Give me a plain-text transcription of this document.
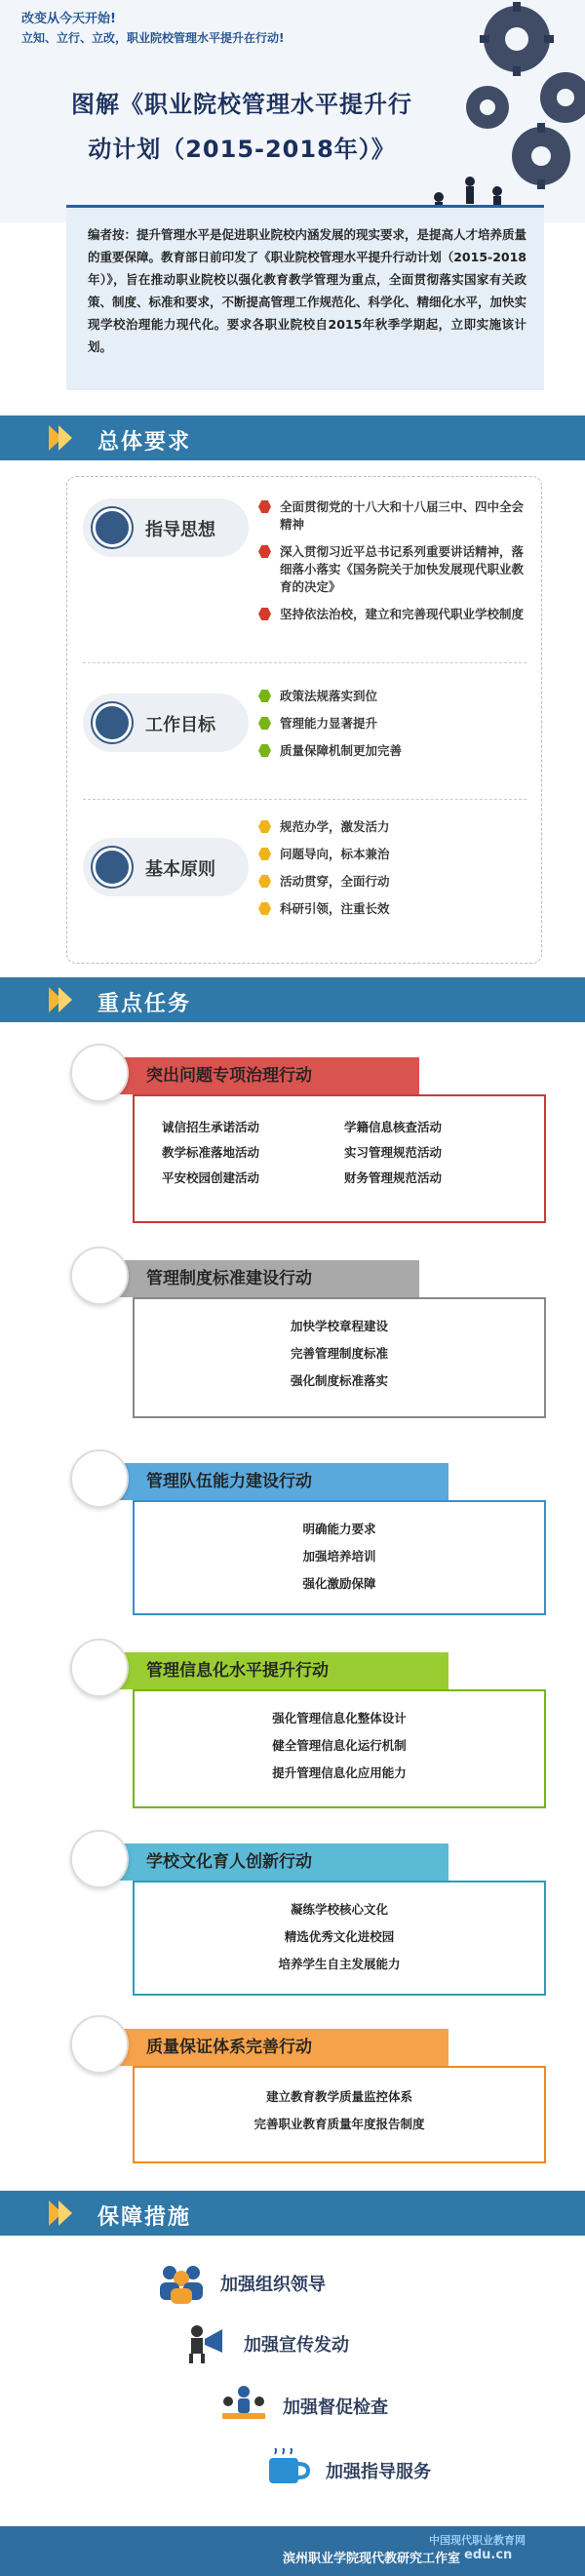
改变从今天开始!
立知、立行、立改，职业院校管理水平提升在行动!
图解《职业院校管理水平提升行动计划（2015-2018年）》

编者按：提升管理水平是促进职业院校内涵发展的现实要求，是提高人才培养质量的重要保障。教育部日前印发了《职业院校管理水平提升行动计划（2015-2018年）》，旨在推动职业院校以强化教育教学管理为重点，全面贯彻落实国家有关政策、制度、标准和要求，不断提高管理工作规范化、科学化、精细化水平，加快实现学校治理能力现代化。要求各职业院校自2015年秋季学期起，立即实施该计划。

总体要求
指导思想
全面贯彻党的十八大和十八届三中、四中全会精神
深入贯彻习近平总书记系列重要讲话精神，落细落小落实《国务院关于加快发展现代职业教育的决定》
坚持依法治校，建立和完善现代职业学校制度
工作目标
政策法规落实到位
管理能力显著提升
质量保障机制更加完善
基本原则
规范办学，激发活力
问题导向，标本兼治
活动贯穿，全面行动
科研引领，注重长效
重点任务
突出问题专项治理行动
诚信招生承诺活动	学籍信息核查活动
教学标准落地活动	实习管理规范活动
平安校园创建活动	财务管理规范活动
管理制度标准建设行动
加快学校章程建设
完善管理制度标准
强化制度标准落实
管理队伍能力建设行动
明确能力要求
加强培养培训
强化激励保障
管理信息化水平提升行动
强化管理信息化整体设计
健全管理信息化运行机制
提升管理信息化应用能力
学校文化育人创新行动
凝练学校核心文化
精选优秀文化进校园
培养学生自主发展能力
质量保证体系完善行动
建立教育教学质量监控体系
完善职业教育质量年度报告制度
保障措施
加强组织领导
加强宣传发动
加强督促检查
加强指导服务
滨州职业学院现代教研究工作室
中国现代职业教育网
edu.cn
